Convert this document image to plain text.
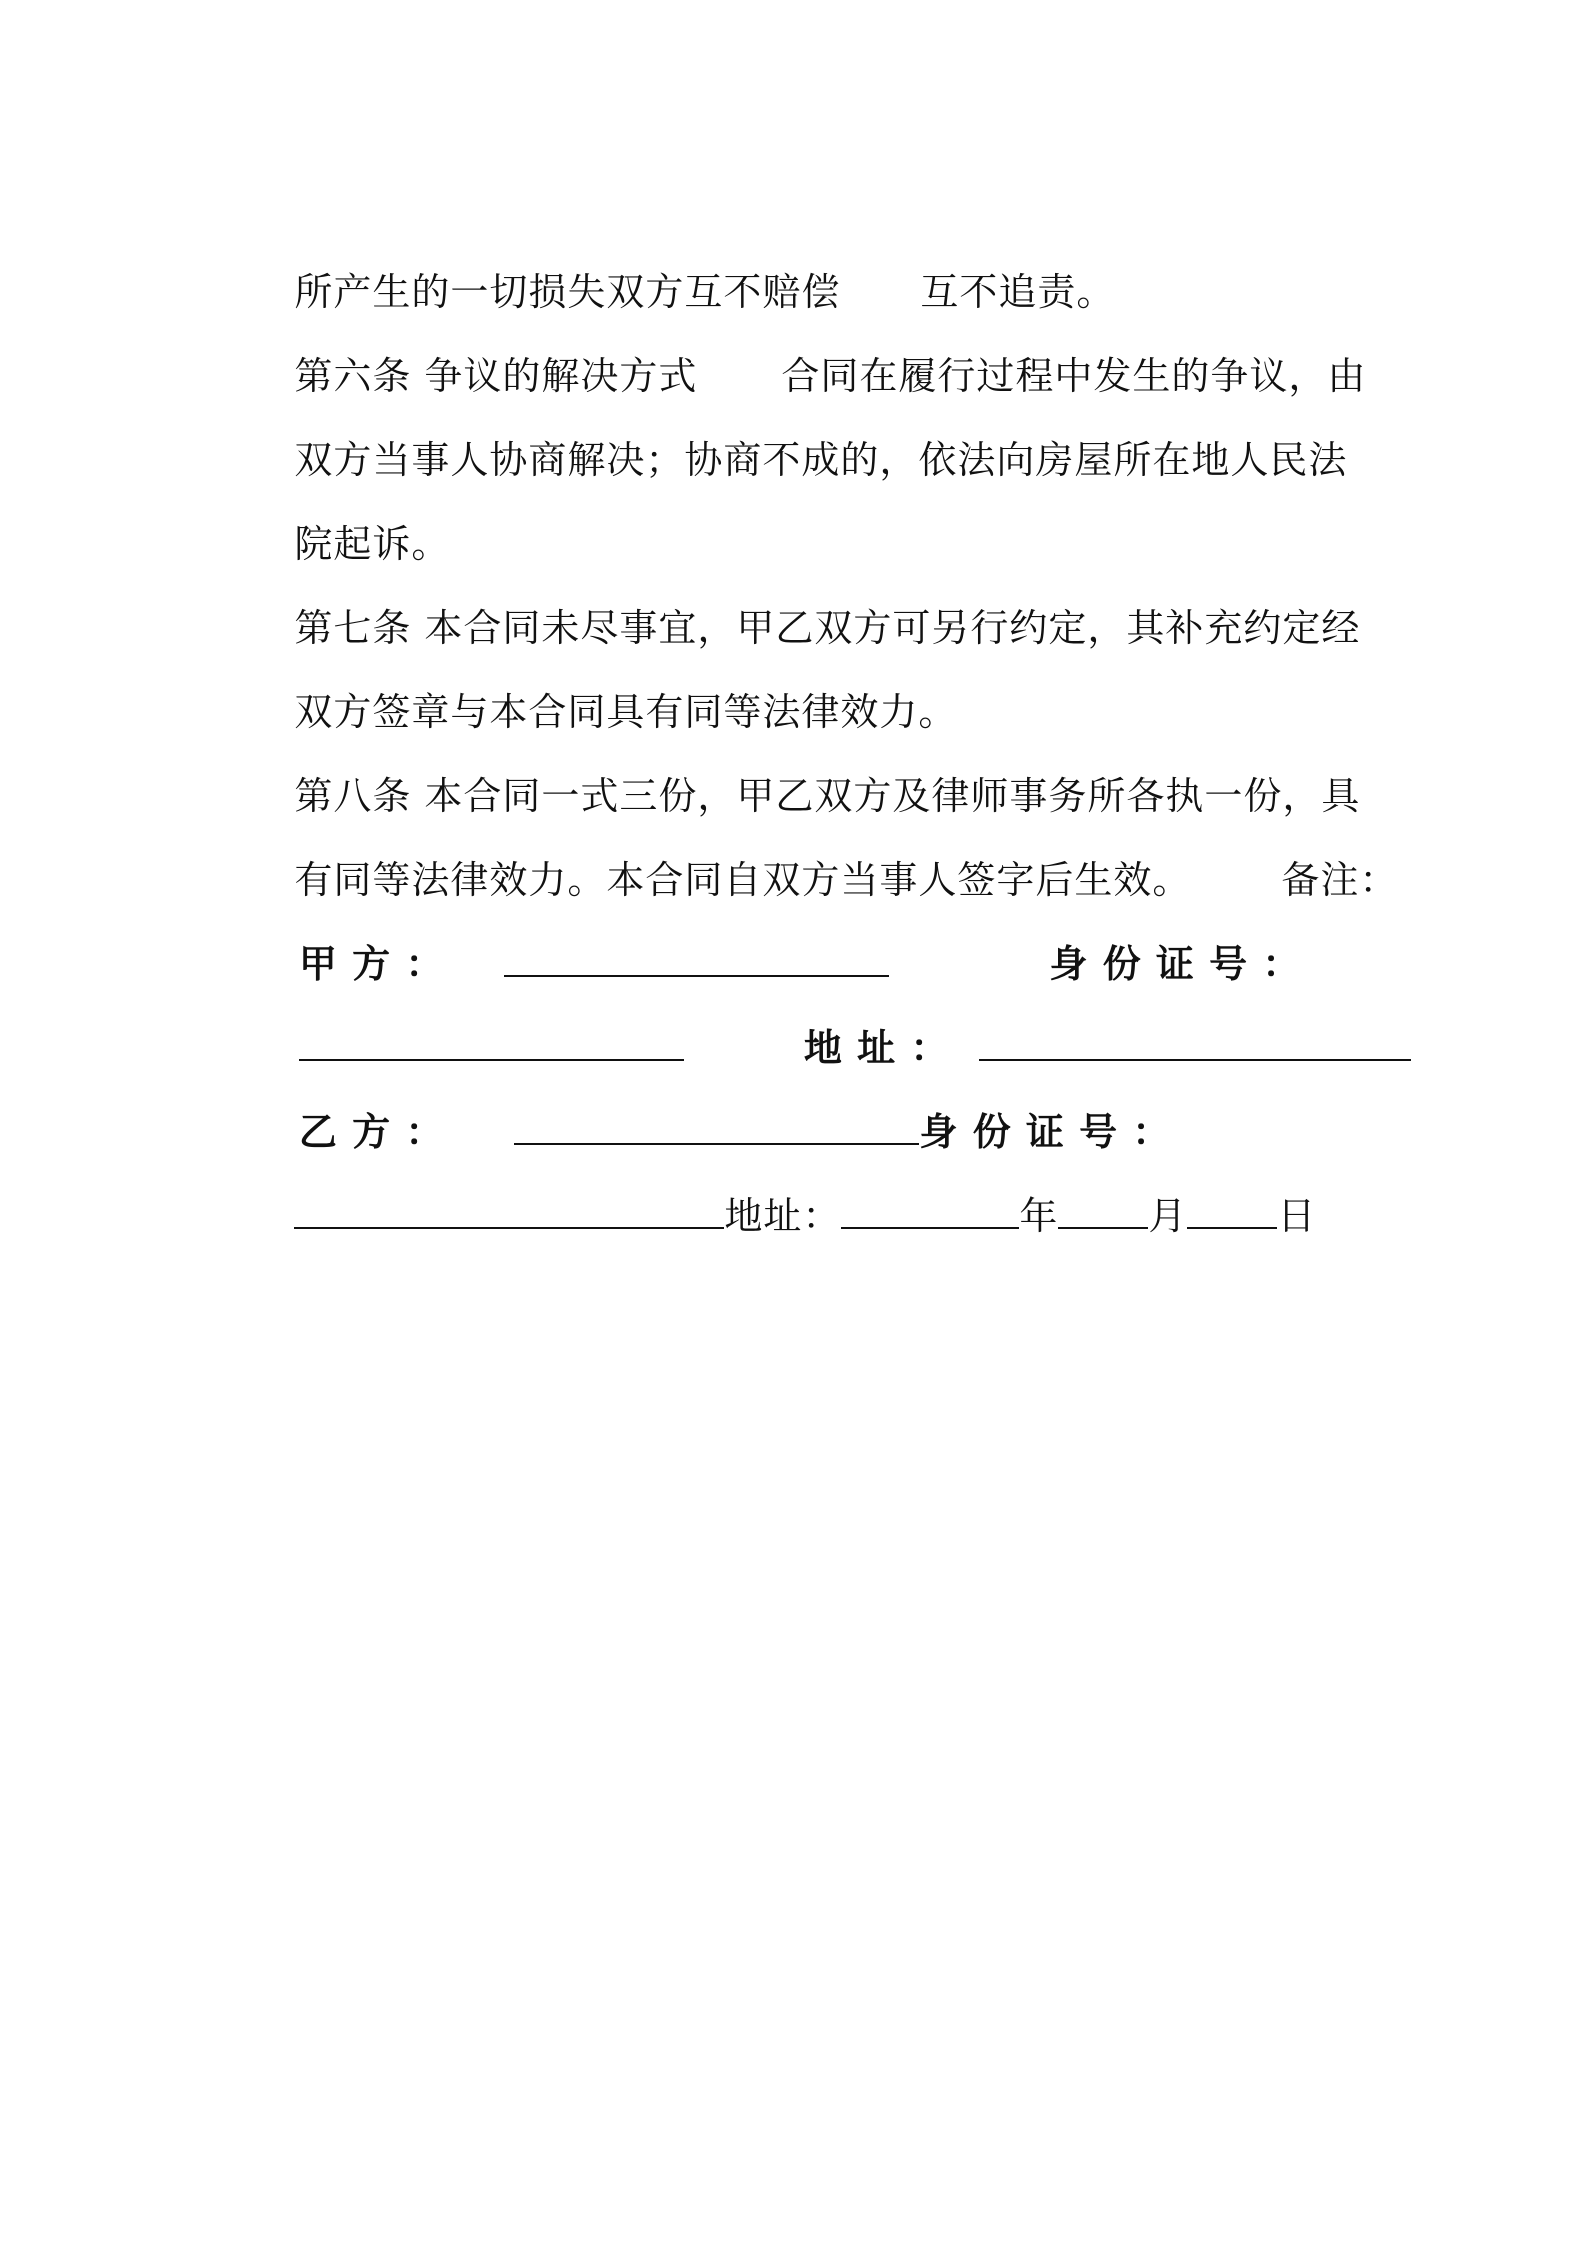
所产生的一切损失双方互不赔偿 互不追责。

第六条 争议的解决方式 合同在履行过程中发生的争议，由

双方当事人协商解决；协商不成的，依法向房屋所在地人民法

院起诉。

第七条 本合同未尽事宜，甲乙双方可另行约定，其补充约定经

双方签章与本合同具有同等法律效力。

第八条 本合同一式三份，甲乙双方及律师事务所各执一份，具

有同等法律效力。本合同自双方当事人签字后生效。 备注：

甲 方 ：	身 份 证 号 ：

地 址 ：

乙 方 ：	身 份 证 号 ：

地址：	年 月 日
